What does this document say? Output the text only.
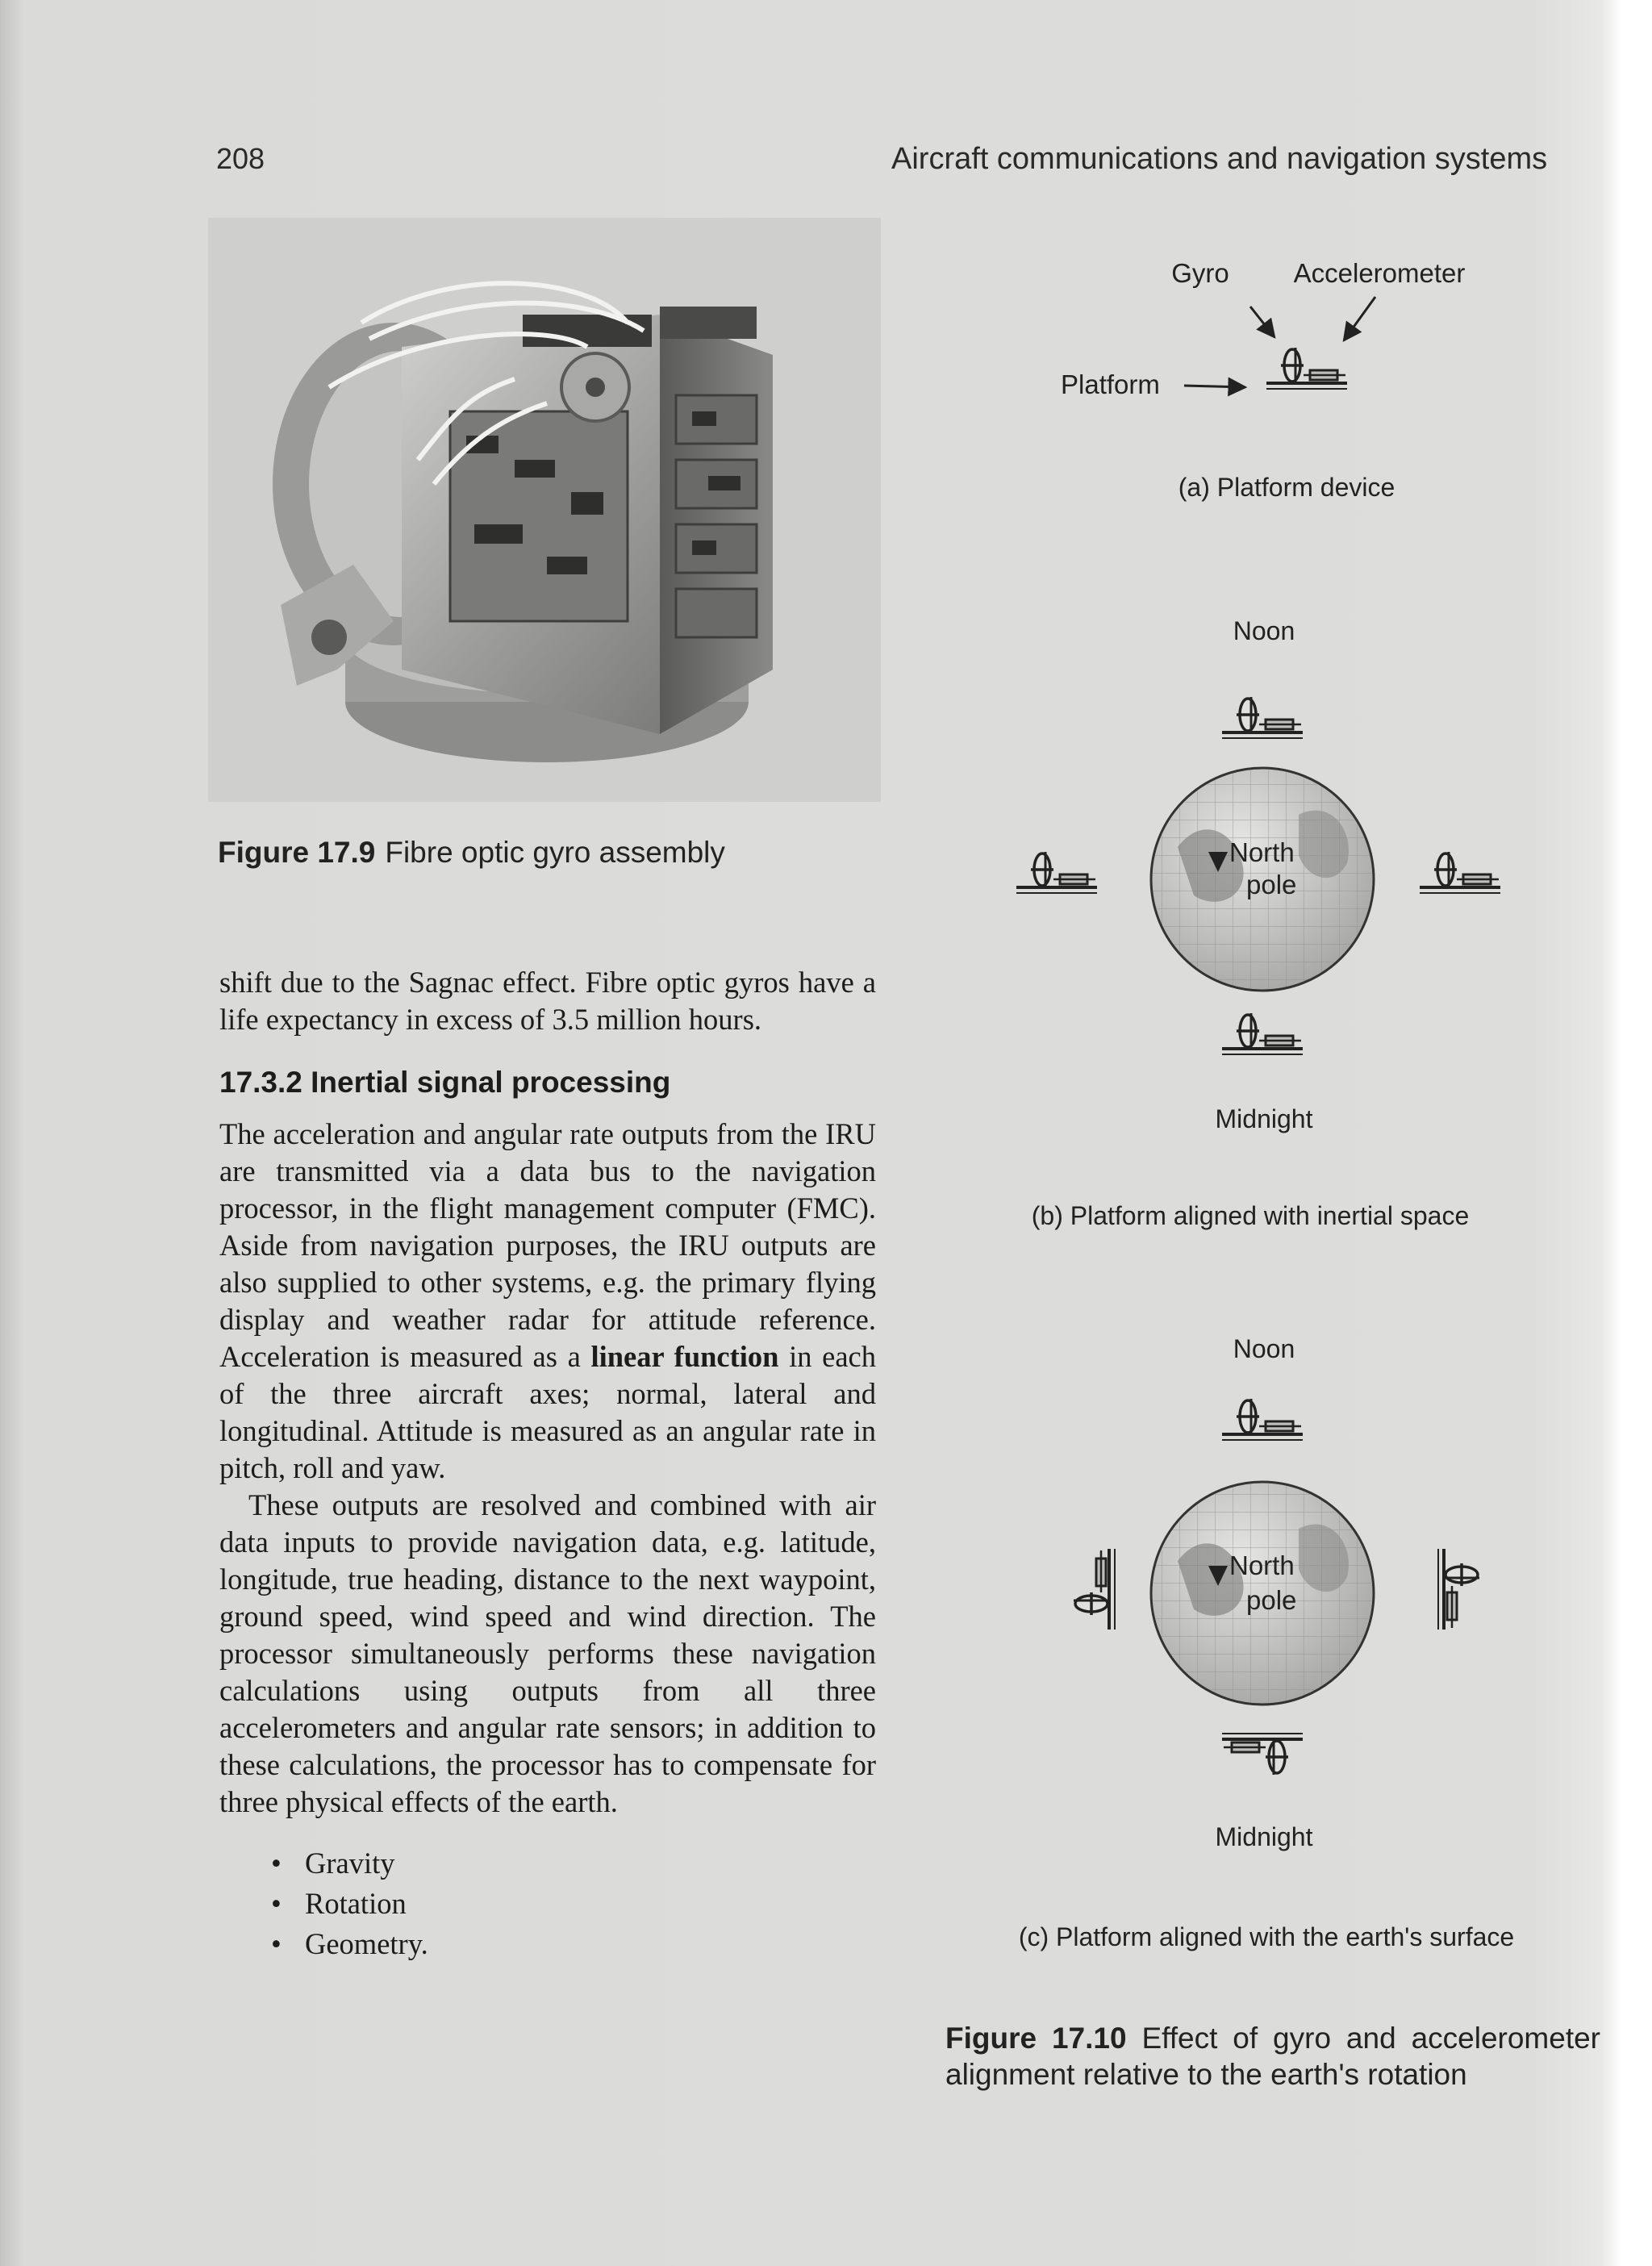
208	Aircraft communications and navigation systems
Figure 17.9 Fibre optic gyro assembly

shift due to the Sagnac effect. Fibre optic gyros have a life expectancy in excess of 3.5 million hours.

17.3.2 Inertial signal processing

The acceleration and angular rate outputs from the IRU are transmitted via a data bus to the navigation processor, in the flight management computer (FMC). Aside from navigation purposes, the IRU outputs are also supplied to other systems, e.g. the primary flying display and weather radar for attitude reference. Acceleration is measured as a linear function in each of the three aircraft axes; normal, lateral and longitudinal. Attitude is measured as an angular rate in pitch, roll and yaw.

These outputs are resolved and combined with air data inputs to provide navigation data, e.g. latitude, longitude, true heading, distance to the next waypoint, ground speed, wind speed and wind direction. The processor simultaneously performs these navigation calculations using outputs from all three accelerometers and angular rate sensors; in addition to these calculations, the processor has to compensate for three physical effects of the earth.

• Gravity
• Rotation
• Geometry.
Gyro Accelerometer
Platform
(a) Platform device
Noon
North
pole
Midnight
(b) Platform aligned with inertial space
Noon
North
pole
Midnight
(c) Platform aligned with the earth's surface
Figure 17.10 Effect of gyro and accelerometer alignment relative to the earth's rotation
